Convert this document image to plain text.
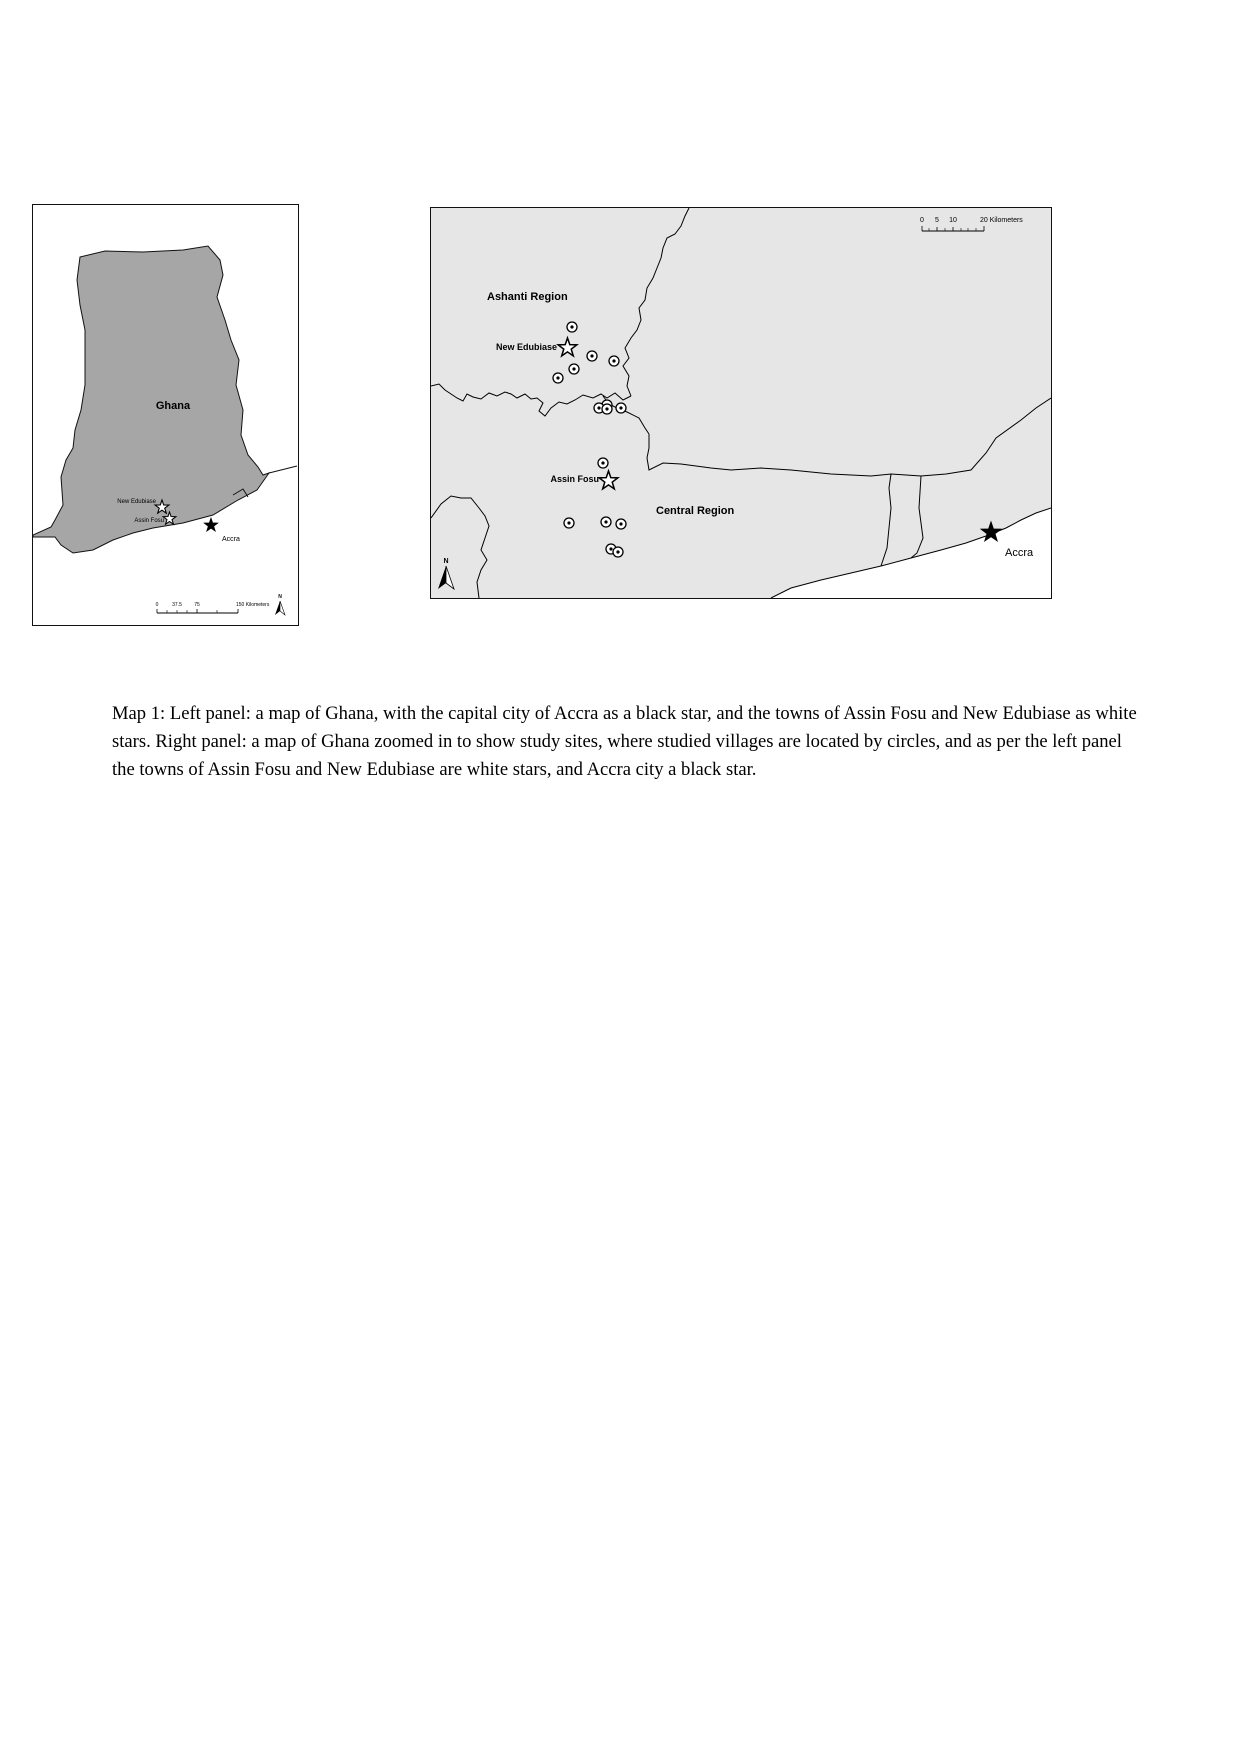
Ghana
New Edubiase
Assin Fosu
Accra
0	37.5 75	150 Kilometers
N
Ashanti Region
Central Region
New Edubiase
Assin Fosu
Accra
0 5 10	20 Kilometers
N

Map 1: Left panel: a map of Ghana, with the capital city of Accra as a black star, and the towns of Assin Fosu and New Edubiase as white stars. Right panel: a map of Ghana zoomed in to show study sites, where studied villages are located by circles, and as per the left panel the towns of Assin Fosu and New Edubiase are white stars, and Accra city a black star.
